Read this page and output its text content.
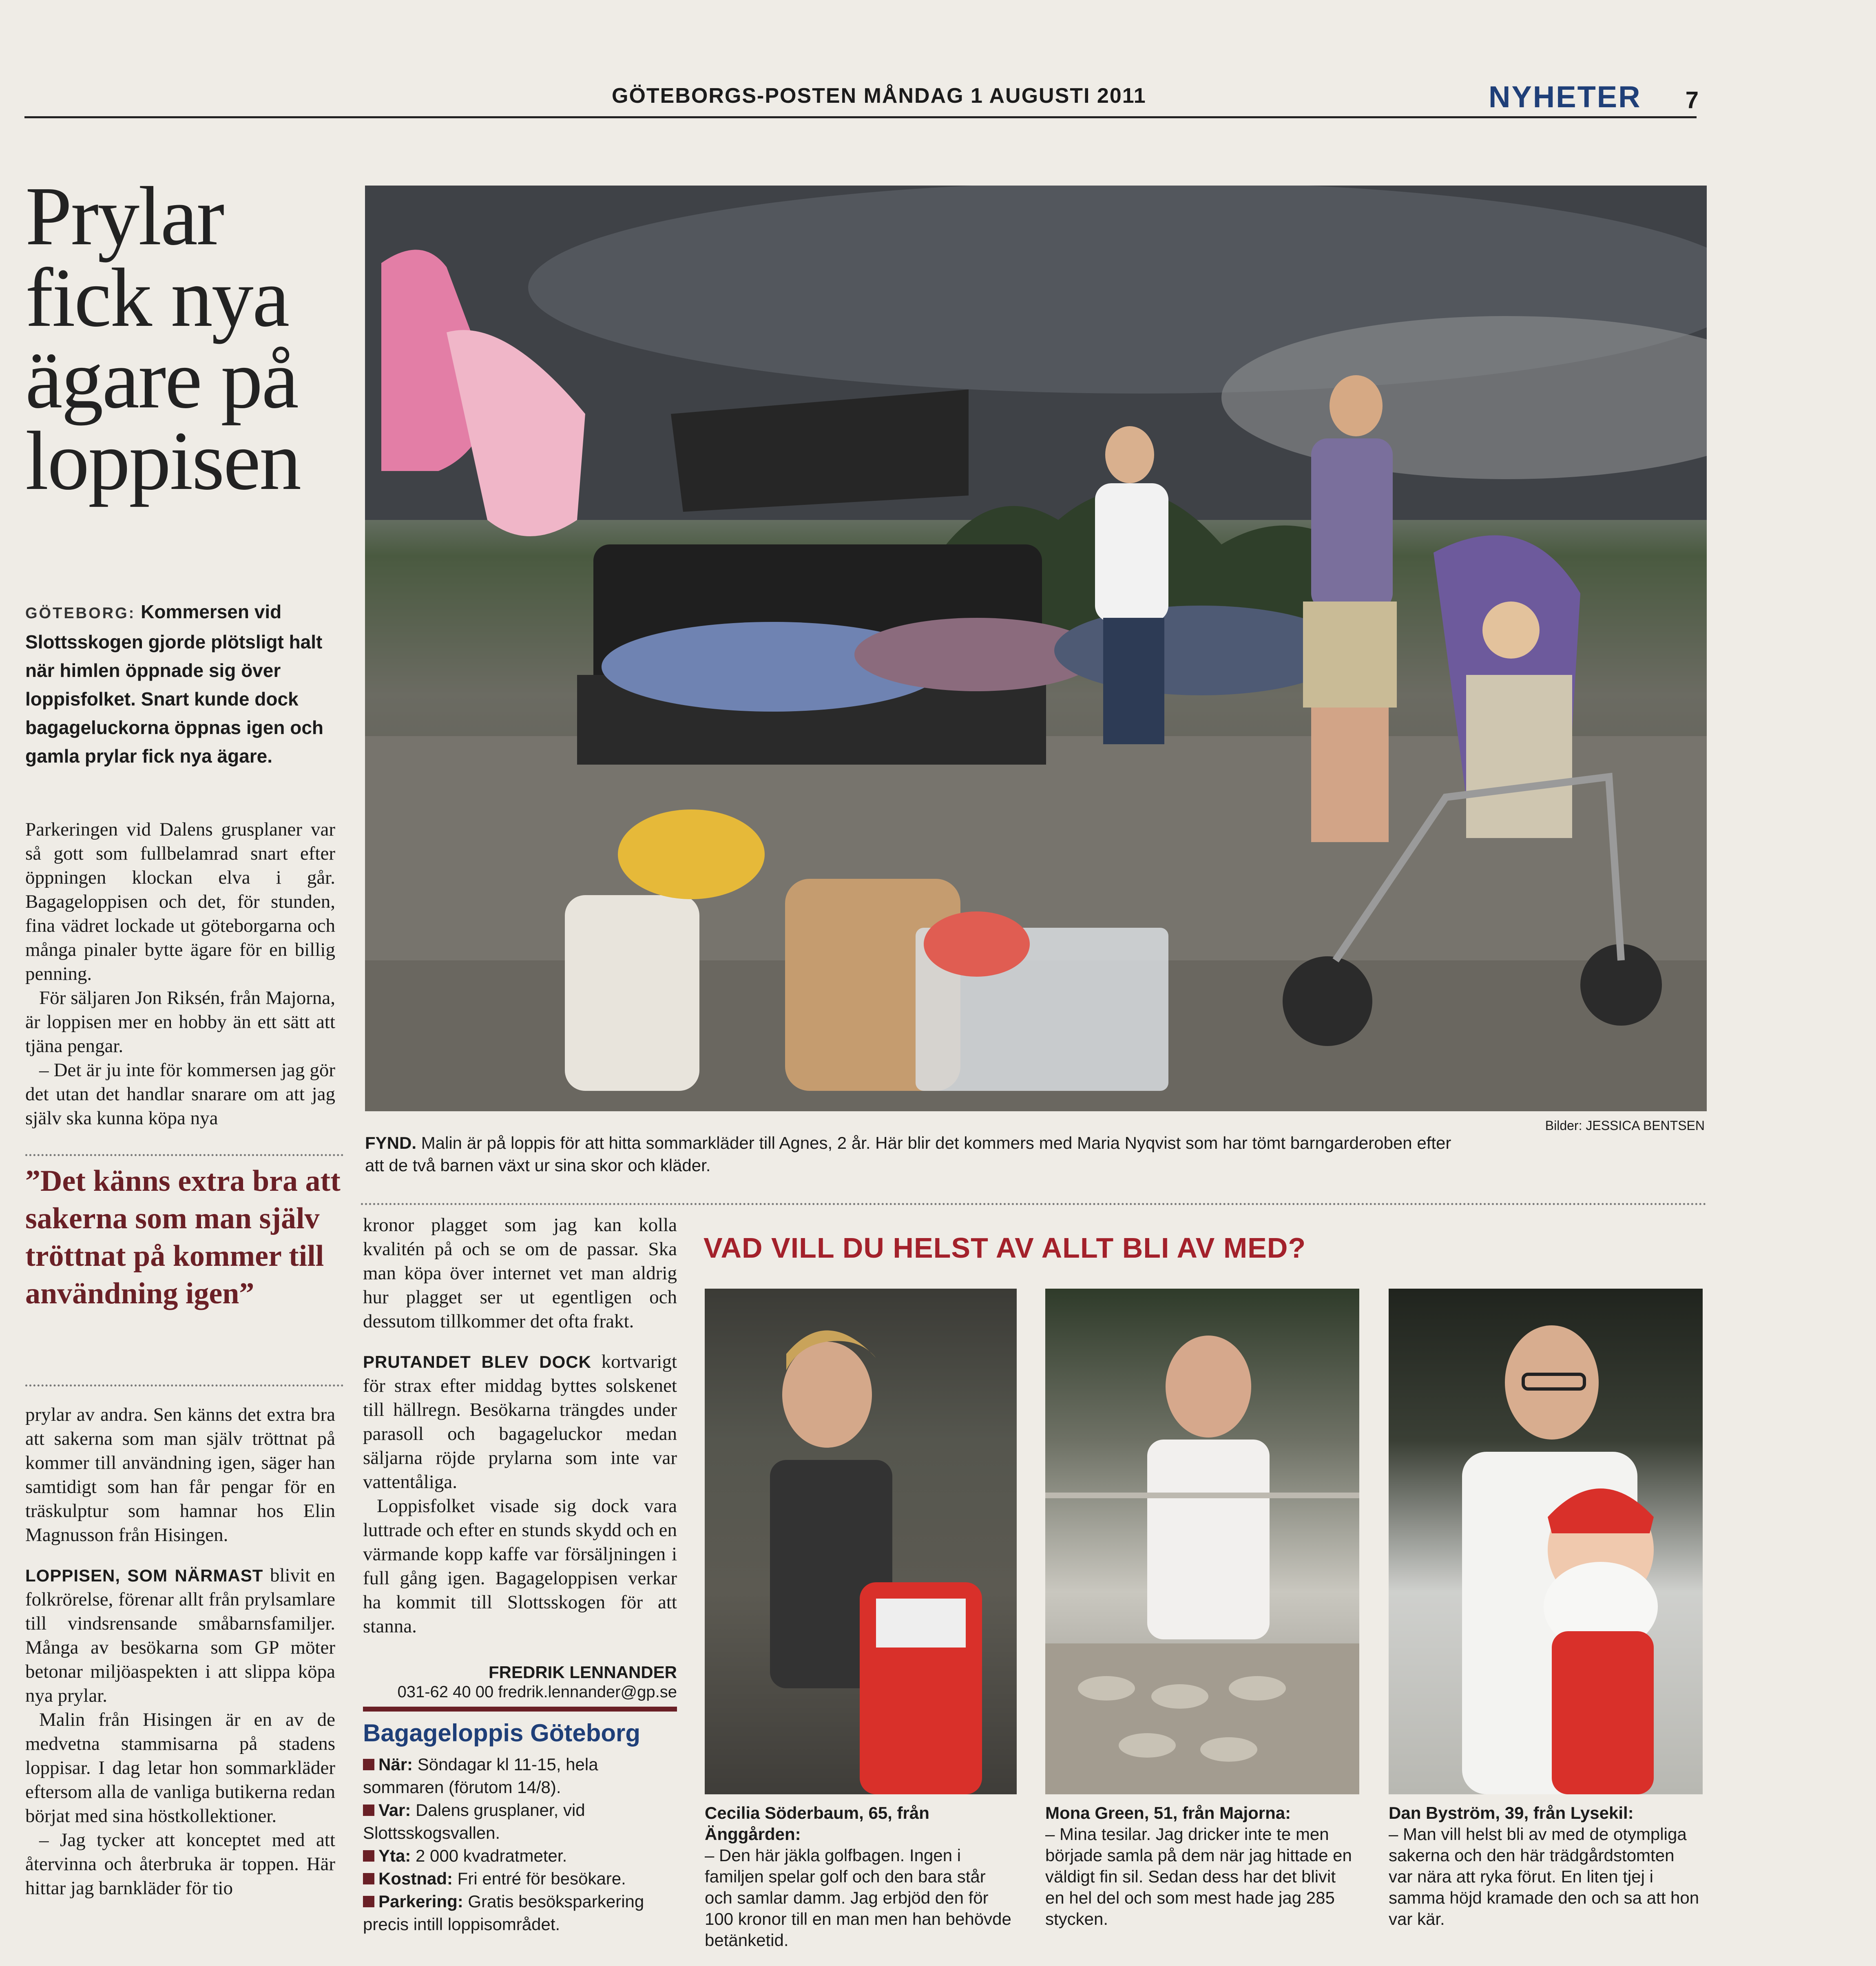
GÖTEBORGS-POSTEN MÅNDAG 1 AUGUSTI 2011	NYHETER 7
Prylar fick nya ägare på loppisen
GÖTEBORG: Kommersen vid Slottsskogen gjorde plötsligt halt när himlen öppnade sig över loppisfolket. Snart kunde dock bagageluckorna öppnas igen och gamla prylar fick nya ägare.

Parkeringen vid Dalens grusplaner var så gott som fullbelamrad snart efter öppningen klockan elva i går. Bagageloppisen och det, för stunden, fina vädret lockade ut göteborgarna och många pinaler bytte ägare för en billig penning.

För säljaren Jon Riksén, från Majorna, är loppisen mer en hobby än ett sätt att tjäna pengar.

– Det är ju inte för kommersen jag gör det utan det handlar snarare om att jag själv ska kunna köpa nya

”Det känns extra bra att sakerna som man själv tröttnat på kommer till användning igen”

prylar av andra. Sen känns det extra bra att sakerna som man själv tröttnat på kommer till användning igen, säger han samtidigt som han får pengar för en träskulptur som hamnar hos Elin Magnusson från Hisingen.

LOPPISEN, SOM NÄRMAST blivit en folkrörelse, förenar allt från prylsamlare till vindsrensande småbarnsfamiljer. Många av besökarna som GP möter betonar miljöaspekten i att slippa köpa nya prylar.

Malin från Hisingen är en av de medvetna stammisarna på stadens loppisar. I dag letar hon sommarkläder eftersom alla de vanliga butikerna redan börjat med sina höstkollektioner.

– Jag tycker att konceptet med att återvinna och återbruka är toppen. Här hittar jag barnkläder för tio

Bilder: JESSICA BENTSEN
FYND. Malin är på loppis för att hitta sommarkläder till Agnes, 2 år. Här blir det kommers med Maria Nyqvist som har tömt barngarderoben efter att de två barnen växt ur sina skor och kläder.

kronor plagget som jag kan kolla kvalitén på och se om de passar. Ska man köpa över internet vet man aldrig hur plagget ser ut egentligen och dessutom tillkommer det ofta frakt.

PRUTANDET BLEV DOCK kortvarigt för strax efter middag byttes solskenet till hällregn. Besökarna trängdes under parasoll och bagageluckor medan säljarna röjde prylarna som inte var vattentåliga.

Loppisfolket visade sig dock vara luttrade och efter en stunds skydd och en värmande kopp kaffe var försäljningen i full gång igen. Bagageloppisen verkar ha kommit till Slottsskogen för att stanna.

FREDRIK LENNANDER
031-62 40 00 fredrik.lennander@gp.se
Bagageloppis Göteborg
När: Söndagar kl 11-15, hela sommaren (förutom 14/8).
Var: Dalens grusplaner, vid Slottsskogsvallen.
Yta: 2 000 kvadratmeter.
Kostnad: Fri entré för besökare.
Parkering: Gratis besöksparkering precis intill loppisområdet.
VAD VILL DU HELST AV ALLT BLI AV MED?
Cecilia Söderbaum, 65, från Änggården:
– Den här jäkla golfbagen. Ingen i familjen spelar golf och den bara står och samlar damm. Jag erbjöd den för 100 kronor till en man men han behövde betänketid.
Mona Green, 51, från Majorna:
– Mina tesilar. Jag dricker inte te men började samla på dem när jag hittade en väldigt fin sil. Sedan dess har det blivit en hel del och som mest hade jag 285 stycken.
Dan Byström, 39, från Lysekil:
– Man vill helst bli av med de otympliga sakerna och den här trädgårdstomten var nära att ryka förut. En liten tjej i samma höjd kramade den och sa att hon var kär.
